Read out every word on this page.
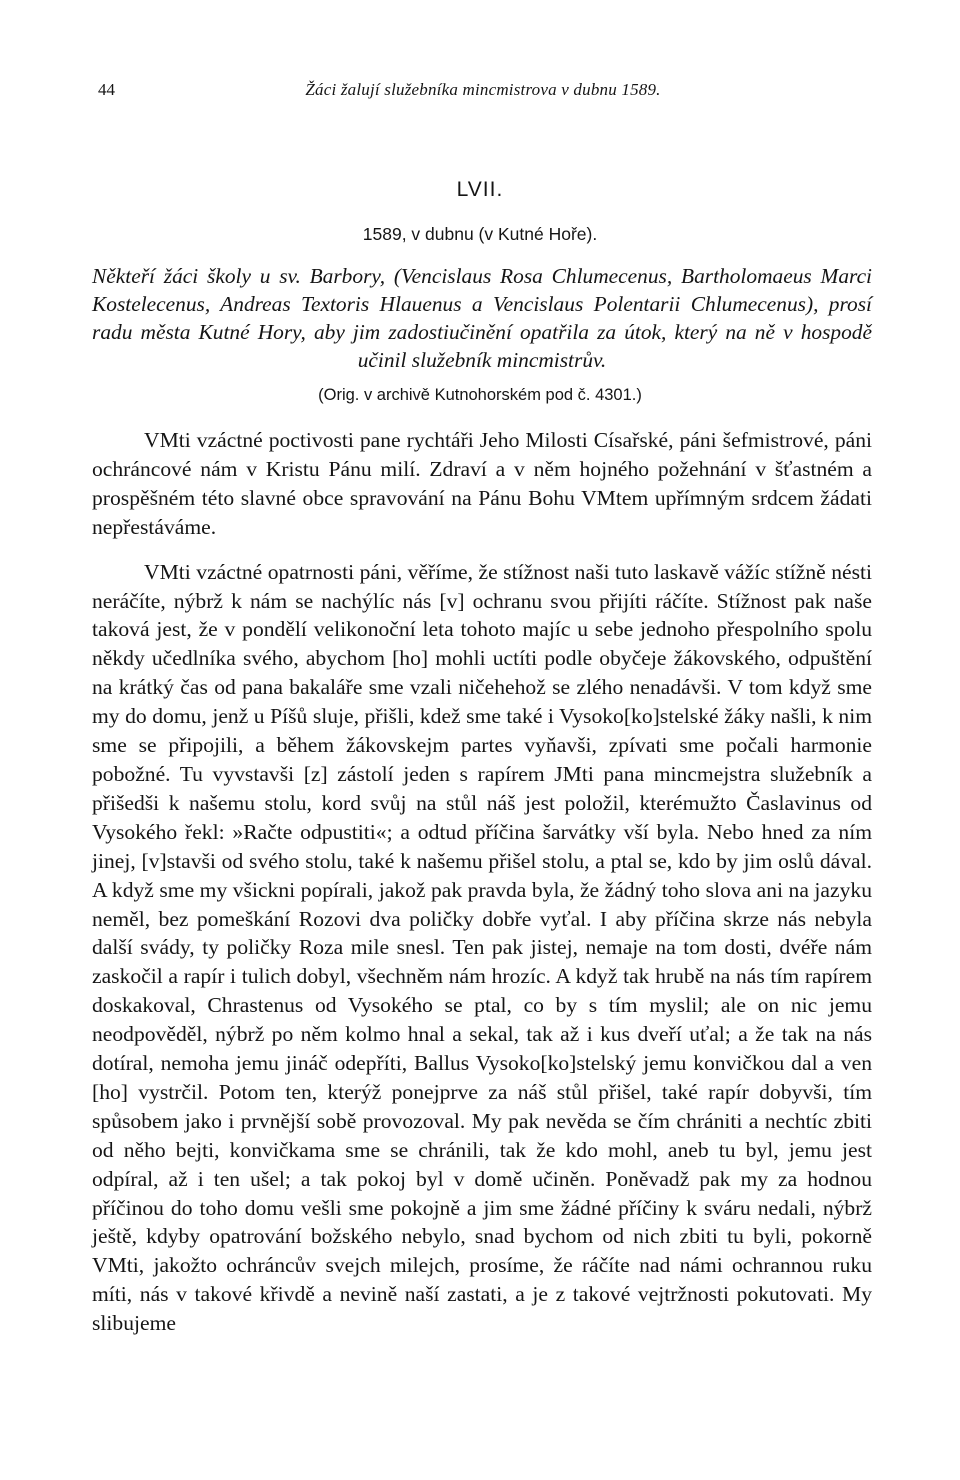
44	Žáci žalují služebníka mincmistrova v dubnu 1589.
LVII.
1589, v dubnu (v Kutné Hoře).
Někteří žáci školy u sv. Barbory, (Vencislaus Rosa Chlumecenus, Bartholomaeus Marci Kostelecenus, Andreas Textoris Hlauenus a Vencislaus Polentarii Chlumecenus), prosí radu města Kutné Hory, aby jim zadostiučinění opatřila za útok, který na ně v hospodě učinil služebník mincmistrův.
(Orig. v archivě Kutnohorském pod č. 4301.)

VMti vzáctné poctivosti pane rychtáři Jeho Milosti Císařské, páni šefmistrové, páni ochráncové nám v Kristu Pánu milí. Zdraví a v něm hojného požehnání v šťastném a prospěšném této slavné obce spravování na Pánu Bohu VMtem upřímným srdcem žádati nepřestáváme.

VMti vzáctné opatrnosti páni, věříme, že stížnost naši tuto laskavě vážíc stížně nésti neráčíte, nýbrž k nám se nachýlíc nás [v] ochranu svou přijíti ráčíte. Stížnost pak naše taková jest, že v pondělí velikonoční leta tohoto majíc u sebe jednoho přespolního spolu někdy učedlníka svého, abychom [ho] mohli uctíti podle obyčeje žákovského, odpuštění na krátký čas od pana bakaláře sme vzali ničehehož se zlého nenadávši. V tom když sme my do domu, jenž u Píšů sluje, přišli, kdež sme také i Vysoko[ko]stelské žáky našli, k nim sme se připojili, a během žákovskejm partes vyňavši, zpívati sme počali harmonie pobožné. Tu vyvstavši [z] zástolí jeden s rapírem JMti pana mincmejstra služebník a přišedši k našemu stolu, kord svůj na stůl náš jest položil, kterémužto Časlavinus od Vysokého řekl: »Račte odpustiti«; a odtud příčina šarvátky vší byla. Nebo hned za ním jinej, [v]stavši od svého stolu, také k našemu přišel stolu, a ptal se, kdo by jim oslů dával. A když sme my všickni popírali, jakož pak pravda byla, že žádný toho slova ani na jazyku neměl, bez pomeškání Rozovi dva poličky dobře vyťal. I aby příčina skrze nás nebyla další svády, ty poličky Roza mile snesl. Ten pak jistej, nemaje na tom dosti, dvéře nám zaskočil a rapír i tulich dobyl, všechněm nám hrozíc. A když tak hrubě na nás tím rapírem doskakoval, Chrastenus od Vysokého se ptal, co by s tím myslil; ale on nic jemu neodpověděl, nýbrž po něm kolmo hnal a sekal, tak až i kus dveří uťal; a že tak na nás dotíral, nemoha jemu jináč odepříti, Ballus Vysoko[ko]stelský jemu konvičkou dal a ven [ho] vystrčil. Potom ten, kterýž ponejprve za náš stůl přišel, také rapír dobyvši, tím spůsobem jako i prvnější sobě provozoval. My pak nevěda se čím chrániti a nechtíc zbiti od něho bejti, konvičkama sme se chránili, tak že kdo mohl, aneb tu byl, jemu jest odpíral, až i ten ušel; a tak pokoj byl v domě učiněn. Poněvadž pak my za hodnou příčinou do toho domu vešli sme pokojně a jim sme žádné příčiny k sváru nedali, nýbrž ještě, kdyby opatrování božského nebylo, snad bychom od nich zbiti tu byli, pokorně VMti, jakožto ochráncův svejch milejch, prosíme, že ráčíte nad námi ochrannou ruku míti, nás v takové křivdě a nevině naší zastati, a je z takové vejtržnosti pokutovati. My slibujeme
